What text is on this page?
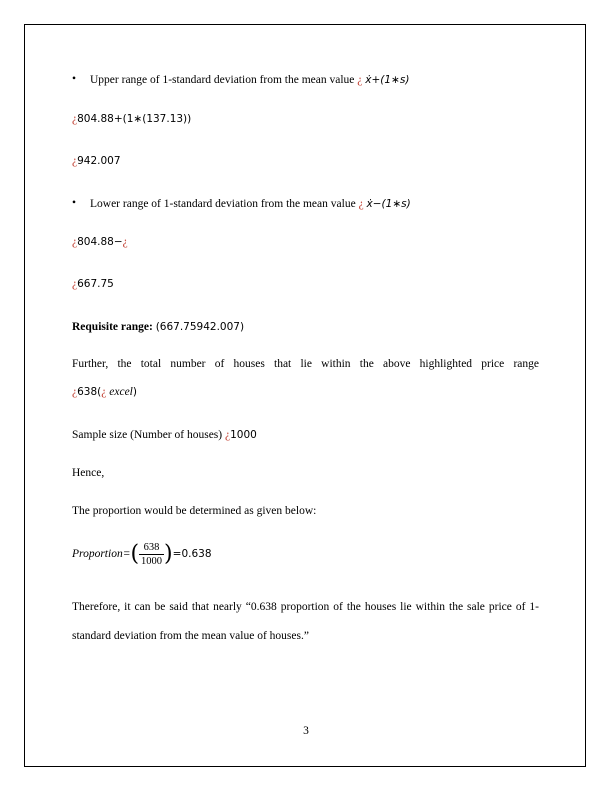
• Upper range of 1-standard deviation from the mean value ¿ ẋ+(1∗s)
¿804.88+(1∗(137.13))
¿942.007
• Lower range of 1-standard deviation from the mean value ¿ ẋ−(1∗s)
¿804.88−¿
¿667.75
Requisite range: (667.75942.007)
Further, the total number of houses that lie within the above highlighted price range
¿638(¿ excel)
Sample size (Number of houses) ¿1000
Hence,
The proportion would be determined as given below:
Proportion=( $\frac{638}{1000} )=0.638$
Therefore, it can be said that nearly “0.638 proportion of the houses lie within the sale price of 1-
standard deviation from the mean value of houses.”
3
